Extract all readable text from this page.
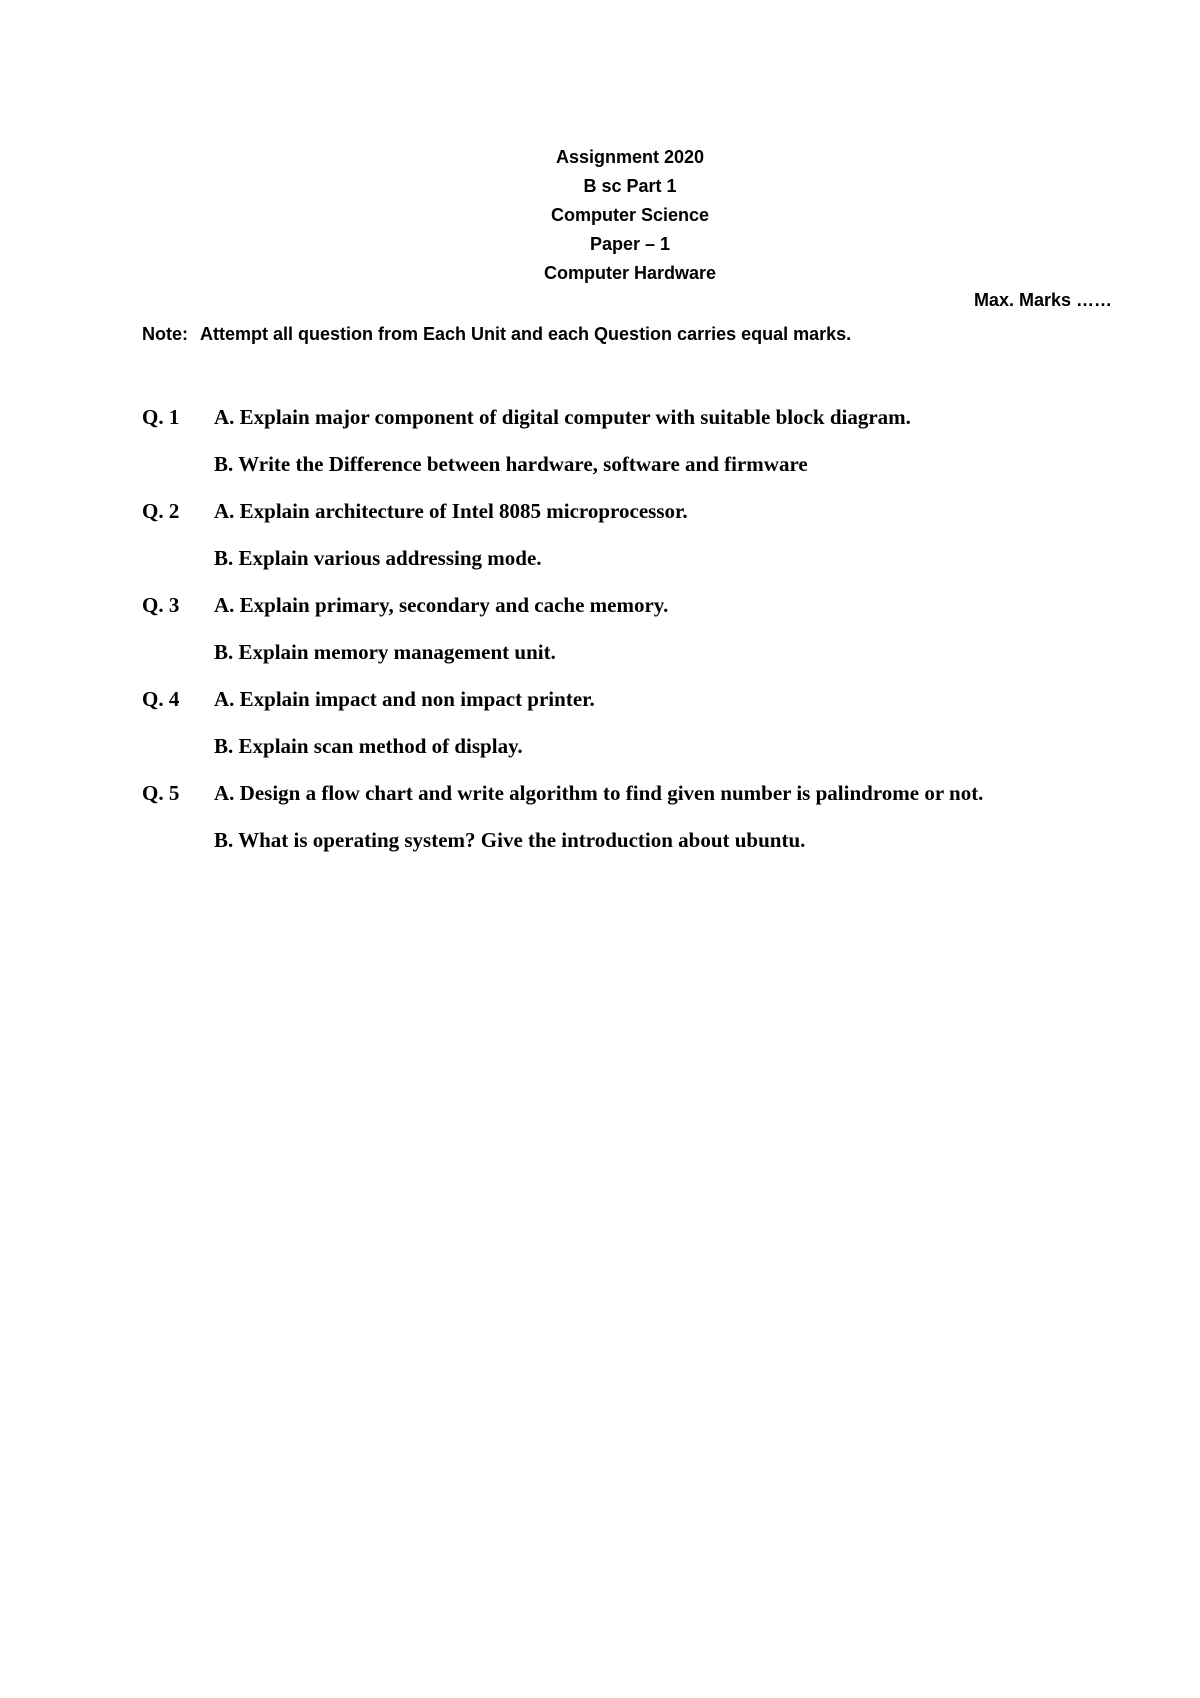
Assignment 2020
B sc Part 1
Computer Science
Paper – 1
Computer Hardware
Max. Marks ……
Note: Attempt all question from Each Unit and each Question carries equal marks.
Q. 1 A. Explain major component of digital computer with suitable block diagram.
B. Write the Difference between hardware, software and firmware
Q. 2 A. Explain architecture of Intel 8085 microprocessor.
B. Explain various addressing mode.
Q. 3 A. Explain primary, secondary and cache memory.
B. Explain memory management unit.
Q. 4 A. Explain impact and non impact printer.
B. Explain scan method of display.
Q. 5 A. Design a flow chart and write algorithm to find given number is palindrome or not.
B. What is operating system? Give the introduction about ubuntu.
